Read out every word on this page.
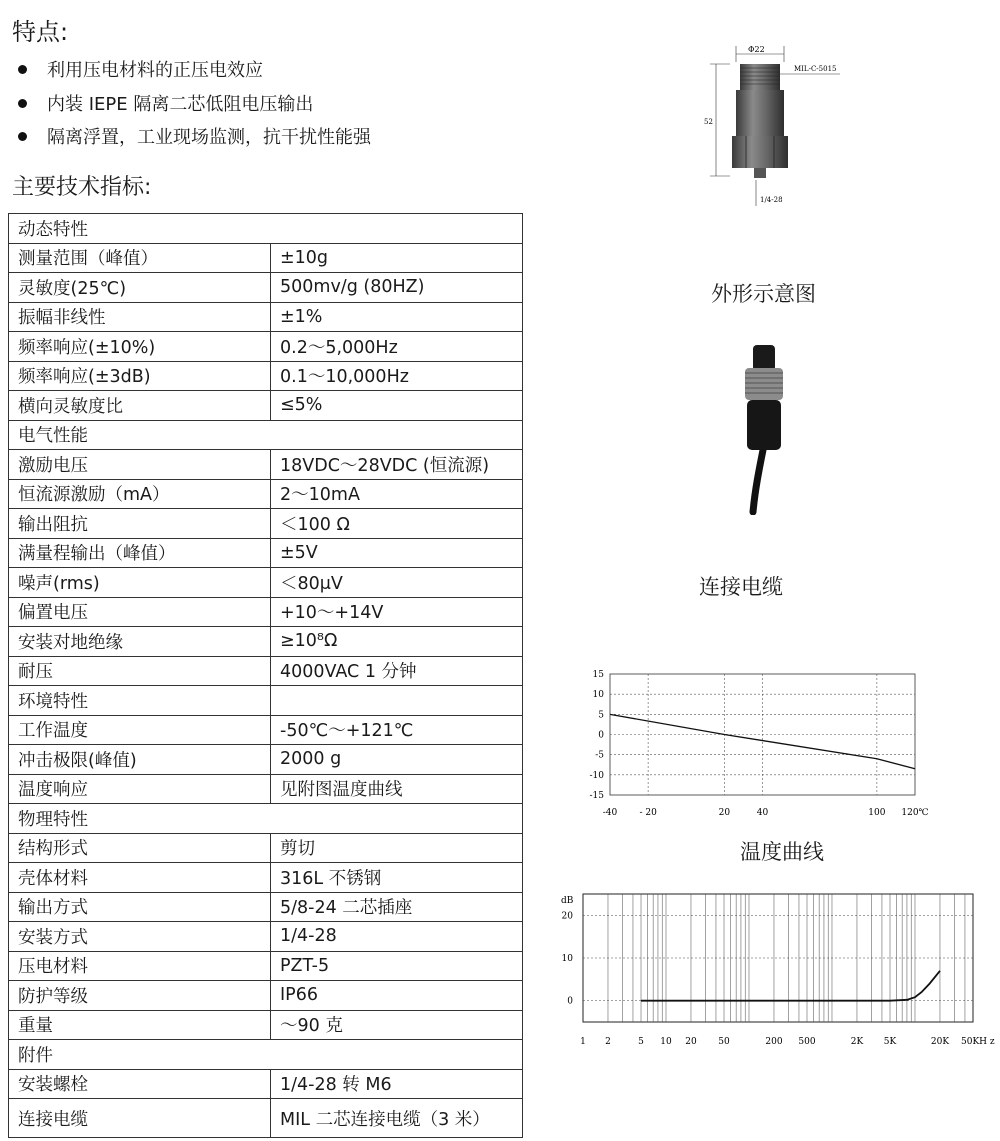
特点:
利用压电材料的正压电效应
内装 IEPE 隔离二芯低阻电压输出
隔离浮置，工业现场监测，抗干扰性能强
主要技术指标:
动态特性	
测量范围（峰值）	±10g
灵敏度(25℃)	500mv/g (80HZ)
振幅非线性	±1%
频率响应(±10%)	0.2～5,000Hz
频率响应(±3dB)	0.1～10,000Hz
横向灵敏度比	≤5%
电气性能	
激励电压	18VDC～28VDC (恒流源)
恒流源激励（mA）	2～10mA
输出阻抗	＜100 Ω
满量程输出（峰值）	±5V
噪声(rms)	＜80μV
偏置电压	+10～+14V
安装对地绝缘	≥10⁸Ω
耐压	4000VAC 1 分钟
环境特性	
工作温度	-50℃～+121℃
冲击极限(峰值)	2000 g
温度响应	见附图温度曲线
物理特性	
结构形式	剪切
壳体材料	316L 不锈钢
输出方式	5/8-24 二芯插座
安装方式	1/4-28
压电材料	PZT-5
防护等级	IP66
重量	～90 克
附件	
安装螺栓	1/4-28 转 M6
连接电缆	MIL 二芯连接电缆（3 米）
Φ22
MIL-C-5015
52
1/4-28
外形示意图
连接电缆
15
10
5
0
-5
-10
-15
-40 - 20	20	40	100 120℃
温度曲线
dB
20
10
0
1 2	5 10 20 50	200 500	2K 5K	20K 50KH z
